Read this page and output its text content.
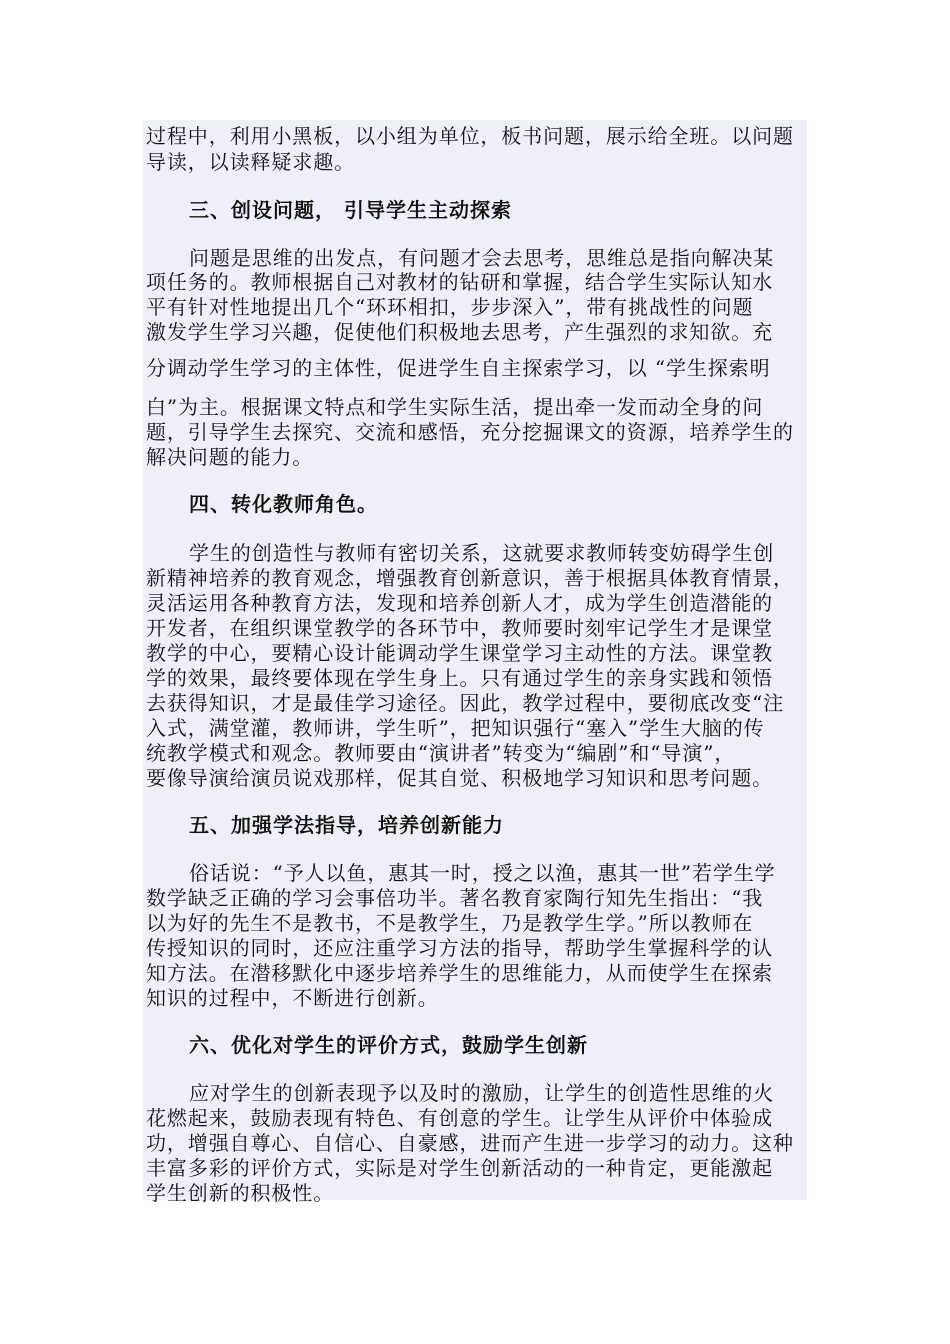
过程中，利用小黑板，以小组为单位，板书问题，展示给全班。以问题
导读，以读释疑求趣。
三、创设问题， 引导学生主动探索
问题是思维的出发点，有问题才会去思考，思维总是指向解决某
项任务的。教师根据自己对教材的钻研和掌握，结合学生实际认知水
平有针对性地提出几个“环环相扣，步步深入”，带有挑战性的问题
激发学生学习兴趣，促使他们积极地去思考，产生强烈的求知欲。充
分调动学生学习的主体性，促进学生自主探索学习，以 “学生探索明
白”为主。根据课文特点和学生实际生活，提出牵一发而动全身的问
题，引导学生去探究、交流和感悟，充分挖掘课文的资源，培养学生的
解决问题的能力。
四、转化教师角色。
学生的创造性与教师有密切关系，这就要求教师转变妨碍学生创
新精神培养的教育观念，增强教育创新意识，善于根据具体教育情景，
灵活运用各种教育方法，发现和培养创新人才，成为学生创造潜能的
开发者，在组织课堂教学的各环节中，教师要时刻牢记学生才是课堂
教学的中心，要精心设计能调动学生课堂学习主动性的方法。课堂教
学的效果，最终要体现在学生身上。只有通过学生的亲身实践和领悟
去获得知识，才是最佳学习途径。因此，教学过程中，要彻底改变“注
入式，满堂灌，教师讲，学生听”，把知识强行“塞入”学生大脑的传
统教学模式和观念。教师要由“演讲者”转变为“编剧”和“导演”，
要像导演给演员说戏那样，促其自觉、积极地学习知识和思考问题。
五、加强学法指导，培养创新能力
俗话说：“予人以鱼，惠其一时，授之以渔，惠其一世”若学生学
数学缺乏正确的学习会事倍功半。著名教育家陶行知先生指出：“我
以为好的先生不是教书，不是教学生，乃是教学生学。”所以教师在
传授知识的同时，还应注重学习方法的指导，帮助学生掌握科学的认
知方法。在潜移默化中逐步培养学生的思维能力，从而使学生在探索
知识的过程中，不断进行创新。
六、优化对学生的评价方式，鼓励学生创新
应对学生的创新表现予以及时的激励，让学生的创造性思维的火
花燃起来，鼓励表现有特色、有创意的学生。让学生从评价中体验成
功，增强自尊心、自信心、自豪感，进而产生进一步学习的动力。这种
丰富多彩的评价方式，实际是对学生创新活动的一种肯定，更能激起
学生创新的积极性。
